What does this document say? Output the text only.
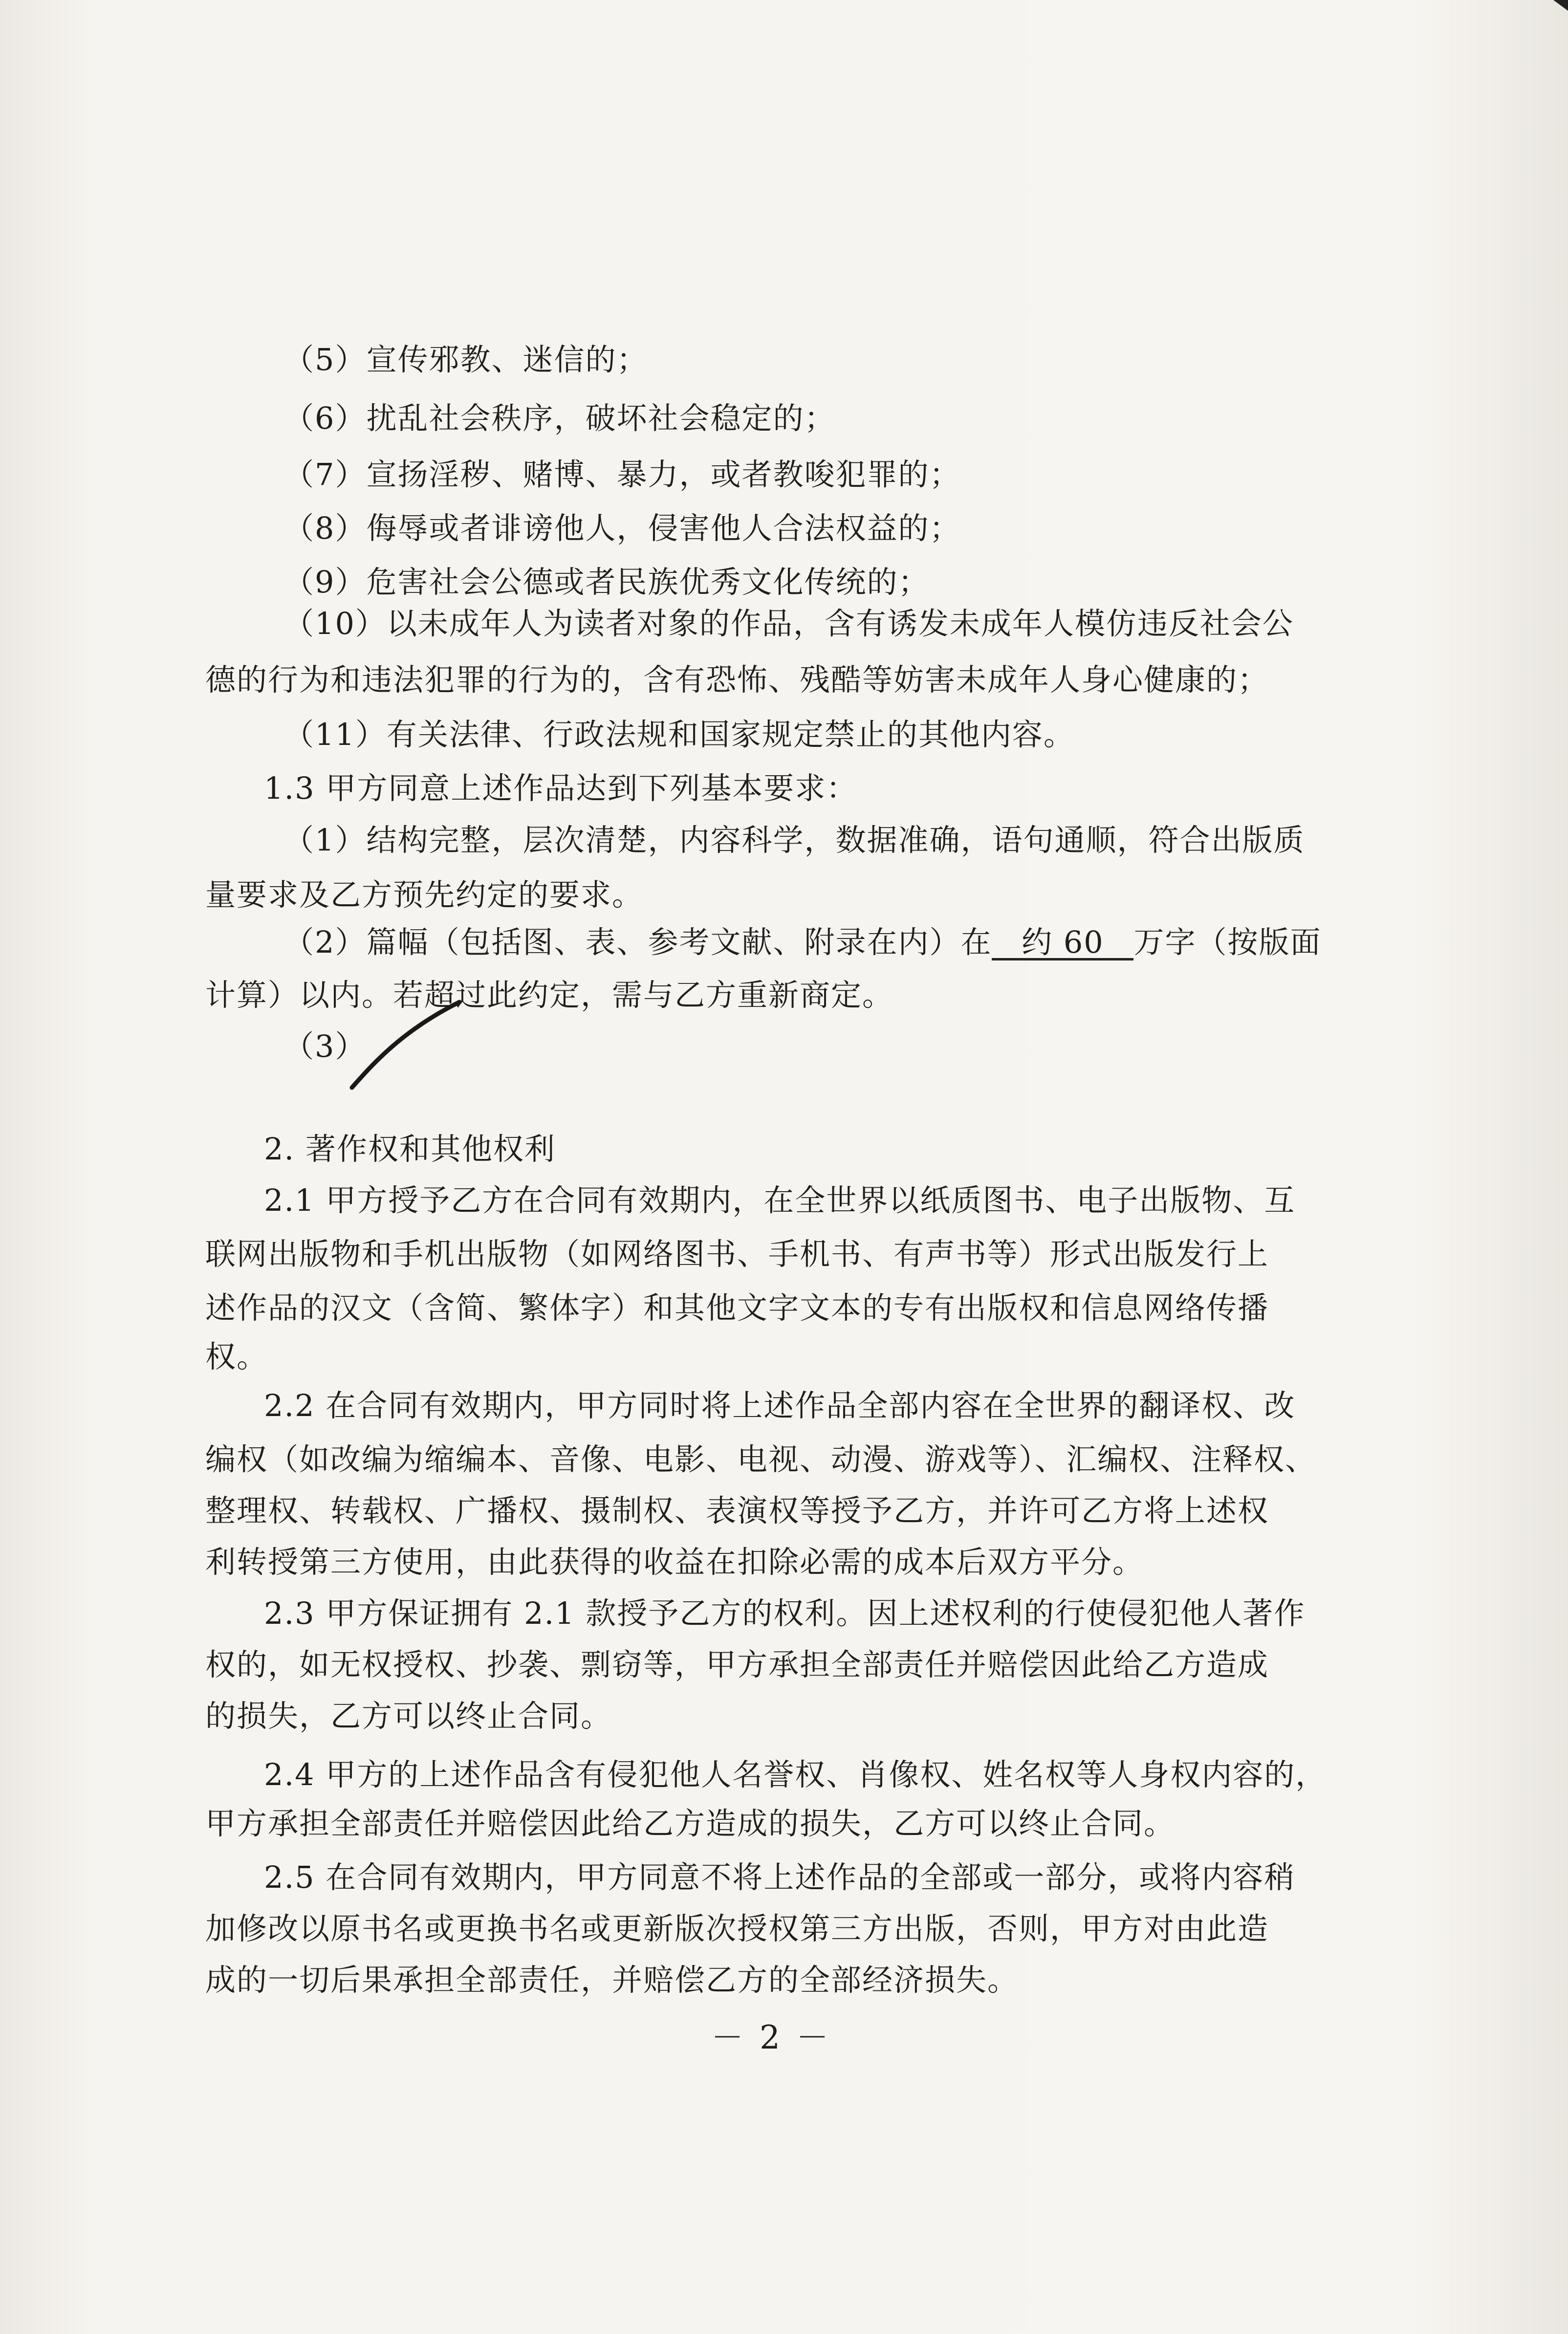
（5）宣传邪教、迷信的；
（6）扰乱社会秩序，破坏社会稳定的；
（7）宣扬淫秽、赌博、暴力，或者教唆犯罪的；
（8）侮辱或者诽谤他人，侵害他人合法权益的；
（9）危害社会公德或者民族优秀文化传统的；
（10）以未成年人为读者对象的作品，含有诱发未成年人模仿违反社会公
德的行为和违法犯罪的行为的，含有恐怖、残酷等妨害未成年人身心健康的；
（11）有关法律、行政法规和国家规定禁止的其他内容。
1.3 甲方同意上述作品达到下列基本要求：
（1）结构完整，层次清楚，内容科学，数据准确，语句通顺，符合出版质
量要求及乙方预先约定的要求。
（2）篇幅（包括图、表、参考文献、附录在内）在 约 60 万字（按版面
计算）以内。若超过此约定，需与乙方重新商定。
（3）
2. 著作权和其他权利
2.1 甲方授予乙方在合同有效期内，在全世界以纸质图书、电子出版物、互
联网出版物和手机出版物（如网络图书、手机书、有声书等）形式出版发行上
述作品的汉文（含简、繁体字）和其他文字文本的专有出版权和信息网络传播
权。
2.2 在合同有效期内，甲方同时将上述作品全部内容在全世界的翻译权、改
编权（如改编为缩编本、音像、电影、电视、动漫、游戏等）、汇编权、注释权、
整理权、转载权、广播权、摄制权、表演权等授予乙方，并许可乙方将上述权
利转授第三方使用，由此获得的收益在扣除必需的成本后双方平分。
2.3 甲方保证拥有 2.1 款授予乙方的权利。因上述权利的行使侵犯他人著作
权的，如无权授权、抄袭、剽窃等，甲方承担全部责任并赔偿因此给乙方造成
的损失，乙方可以终止合同。
2.4 甲方的上述作品含有侵犯他人名誉权、肖像权、姓名权等人身权内容的，
甲方承担全部责任并赔偿因此给乙方造成的损失，乙方可以终止合同。
2.5 在合同有效期内，甲方同意不将上述作品的全部或一部分，或将内容稍
加修改以原书名或更换书名或更新版次授权第三方出版，否则，甲方对由此造
成的一切后果承担全部责任，并赔偿乙方的全部经济损失。
－ 2 －
